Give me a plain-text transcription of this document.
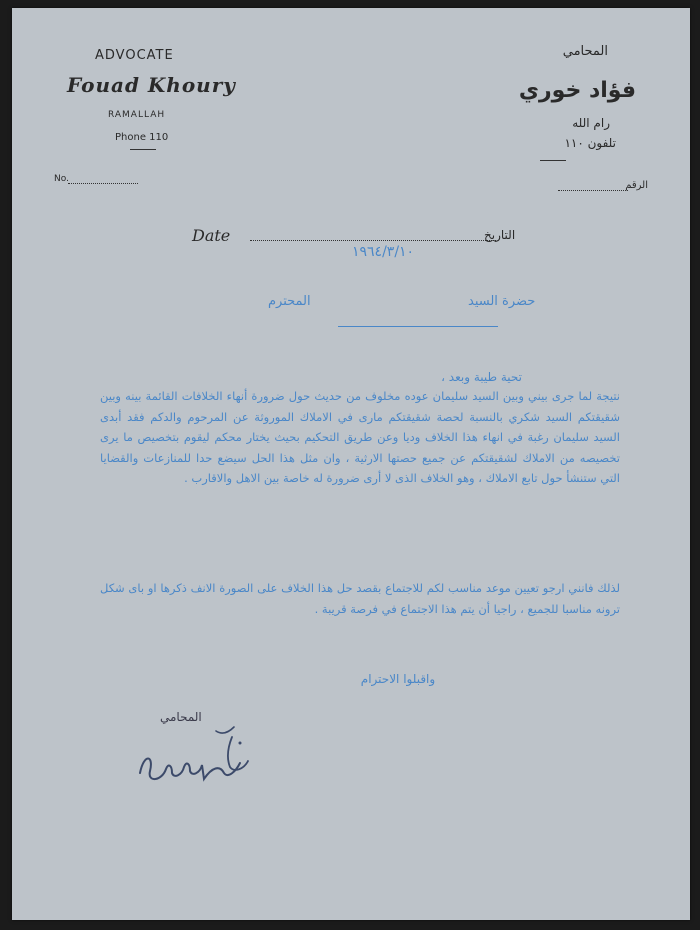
ADVOCATE
Fouad Khoury
RAMALLAH
Phone 110
المحامي
فؤاد خوري
رام الله
تلفون ١١٠
No.
الرقم
Date	التاريخ
١٩٦٤/٣/١٠
حضرة السيد
المحترم
تحية طيبة وبعد ،
نتيجة لما جرى بيني وبين السيد سليمان عوده مخلوف من حديث حول ضرورة أنهاء الخلافات القائمة بينه وبين شقيقتكم السيد شكري بالنسبة لحصة شقيقتكم مارى في الاملاك الموروثة عن المرحوم والدكم فقد أبدى السيد سليمان رغبة في انهاء هذا الخلاف وديا وعن طريق التحكيم بحيث يختار محكم ليقوم بتخصيص ما يرى تخصيصه من الاملاك لشقيقتكم عن جميع حصتها الارثية ، وان مثل هذا الحل سيضع حدا للمنازعات والقضايا التي ستنشأ حول تابع الاملاك ، وهو الخلاف الذى لا أرى ضرورة له خاصة بين الاهل والاقارب .
لذلك فانني ارجو تعيين موعد مناسب لكم للاجتماع بقصد حل هذا الخلاف على الصورة الانف ذكرها او باى شكل ترونه مناسبا للجميع ، راجيا أن يتم هذا الاجتماع في فرصة قريبة .
واقبلوا الاحترام
المحامي
